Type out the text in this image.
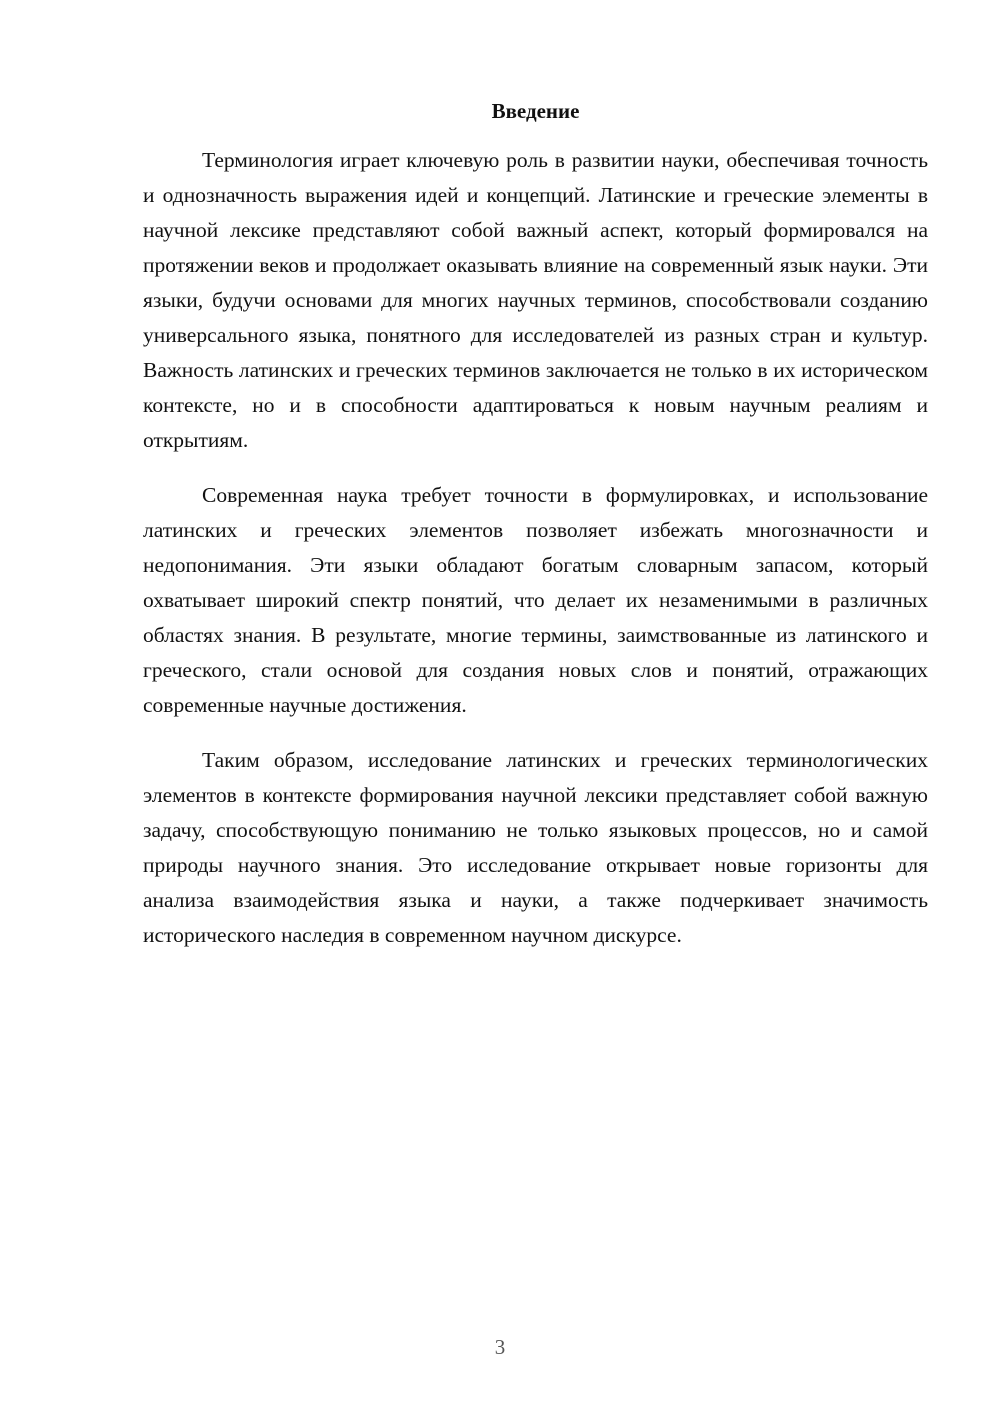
Введение

Терминология играет ключевую роль в развитии науки, обеспечивая точность и однозначность выражения идей и концепций. Латинские и греческие элементы в научной лексике представляют собой важный аспект, который формировался на протяжении веков и продолжает оказывать влияние на современный язык науки. Эти языки, будучи основами для многих научных терминов, способствовали созданию универсального языка, понятного для исследователей из разных стран и культур. Важность латинских и греческих терминов заключается не только в их историческом контексте, но и в способности адаптироваться к новым научным реалиям и открытиям.

Современная наука требует точности в формулировках, и использование латинских и греческих элементов позволяет избежать многозначности и недопонимания. Эти языки обладают богатым словарным запасом, который охватывает широкий спектр понятий, что делает их незаменимыми в различных областях знания. В результате, многие термины, заимствованные из латинского и греческого, стали основой для создания новых слов и понятий, отражающих современные научные достижения.

Таким образом, исследование латинских и греческих терминологических элементов в контексте формирования научной лексики представляет собой важную задачу, способствующую пониманию не только языковых процессов, но и самой природы научного знания. Это исследование открывает новые горизонты для анализа взаимодействия языка и науки, а также подчеркивает значимость исторического наследия в современном научном дискурсе.

3
